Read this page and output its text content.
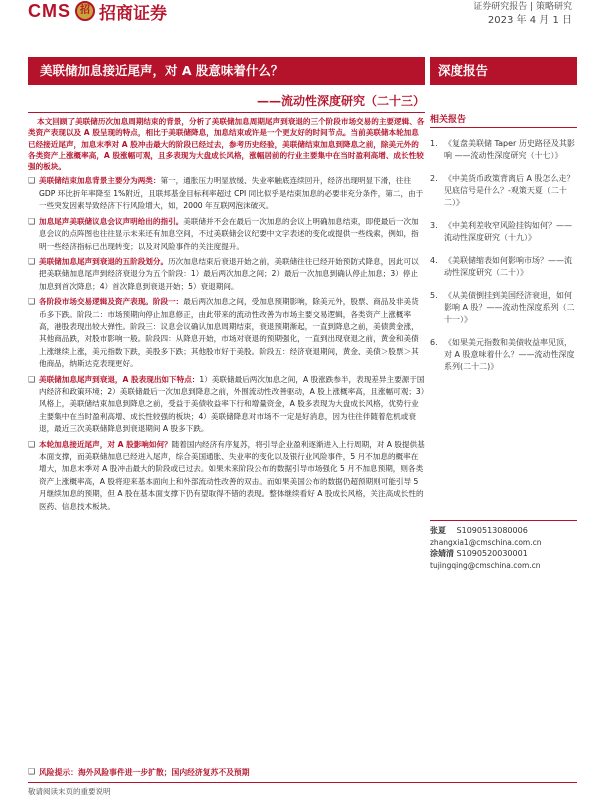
CMS 招 招商证券	证券研究报告 | 策略研究
2023 年 4 月 1 日
美联储加息接近尾声，对 A 股意味着什么？	深度报告
——流动性深度研究（二十三）

本文回顾了美联储历次加息周期结束的背景，分析了美联储加息周期尾声到衰退的三个阶段市场交易的主要逻辑、各类资产表现以及 A 股呈现的特点，相比于美联储降息，加息结束或许是一个更友好的时间节点。当前美联储本轮加息已经接近尾声，加息末季对 A 股冲击最大的阶段已经过去，参考历史经验，美联储结束加息到降息之前，除美元外的各类资产上涨概率高，A 股涨幅可观，且多表现为大盘成长风格，涨幅居前的行业主要集中在当时盈利高增、成长性较强的板块。

❑ 美联储结束加息背景主要分为两类：第一，通胀压力明显放缓、失业率触底连续回升，经济出现明显下滑，往往 GDP 环比折年率降至 1%附近，且联邦基金目标利率超过 CPI 同比似乎是结束加息的必要非充分条件，第二，由于一些突发因素导致经济下行风险增大，如，2000 年互联网泡沫破灭。
❑ 加息尾声美联储议息会议声明给出的指引。美联储并不会在最后一次加息的会议上明确加息结束，即使最后一次加息会议的点阵图也往往显示未来还有加息空间，不过美联储会议纪要中文字表述的变化或提供一些线索，例如，指明一些经济指标已出现转变；以及对风险事件的关注度提升。
❑ 美联储加息尾声到衰退的五阶段划分。历次加息结束后衰退开始之前，美联储往往已经开始预防式降息，因此可以把美联储加息尾声到经济衰退分为五个阶段：1）最后两次加息之间；2）最后一次加息到确认停止加息；3）停止加息到首次降息；4）首次降息到衰退开始；5）衰退期间。
❑ 各阶段市场交易逻辑及资产表现。阶段一：最后两次加息之间，受加息预期影响，除美元外，股票、商品及非美货币多下跌。阶段二：市场预期向停止加息修正，由此带来的流动性改善为市场主要交易逻辑，各类资产上涨概率高，港股表现出较大弹性。阶段三：议息会议确认加息周期结束，衰退预期渐起，一直到降息之前，美债黄金涨，其他商品跌，对股市影响一般。阶段四：从降息开始，市场对衰退的预期强化，一直到出现衰退之前，黄金和美债上涨继续上涨，美元指数下跌，美股多下跌；其他股市好于美股。阶段五：经济衰退期间，黄金、美债＞股票＞其他商品，纳斯达克表现更好。
❑ 美联储加息尾声到衰退，A 股表现出如下特点：1）美联储最后两次加息之间，A 股涨跌参半，表现差异主要源于国内经济和政策环境；2）美联储最后一次加息到降息之前，外围流动性改善驱动，A 股上涨概率高，且涨幅可观；3）风格上，美联储结束加息到降息之前，受益于美债收益率下行和增量资金，A 股多表现为大盘成长风格，优势行业主要集中在当时盈利高增、成长性较强的板块；4）美联储降息对市场不一定是好消息，因为往往伴随着危机或衰退，最近三次美联储降息到衰退期间 A 股多下跌。
❑ 本轮加息接近尾声，对 A 股影响如何？随着国内经济有序复苏，将引导企业盈利逐渐进入上行周期，对 A 股提供基本面支撑，而美联储加息已经进入尾声，综合美国通胀、失业率的变化以及银行业风险事件，5 月不加息的概率在增大，加息末季对 A 股冲击最大的阶段或已过去。如果未来阶段公布的数据引导市场强化 5 月不加息预期，则各类资产上涨概率高，A 股将迎来基本面向上和外部流动性改善的双击。而如果美国公布的数据仍超预期则可能引导 5 月继续加息的预期，但 A 股在基本面支撑下仍有望取得不错的表现。整体继续看好 A 股成长风格，关注高成长性的医药、信息技术板块。
相关报告
1. 《复盘美联储 Taper 历史路径及其影响 ——流动性深度研究（十七）》
2. 《中美货币政策背离后 A 股怎么走？见底信号是什么？-观策天夏（二十二）》
3. 《中美利差收窄风险挂钩如何？——流动性深度研究（十九）》
4. 《美联储缩表如何影响市场？——流动性深度研究（二十）》
5. 《从美债倒挂到美国经济衰退，如何影响 A 股？——流动性深度系列（二十一）》
6. 《如果美元指数和美债收益率见顶，对 A 股意味着什么？——流动性深度系列(二十二)》
张夏 S1090513080006
zhangxia1@cmschina.com.cn
涂婧清 S1090520030001
tujingqing@cmschina.com.cn
❑ 风险提示： 海外风险事件进一步扩散；国内经济复苏不及预期
敬请阅读末页的重要说明
